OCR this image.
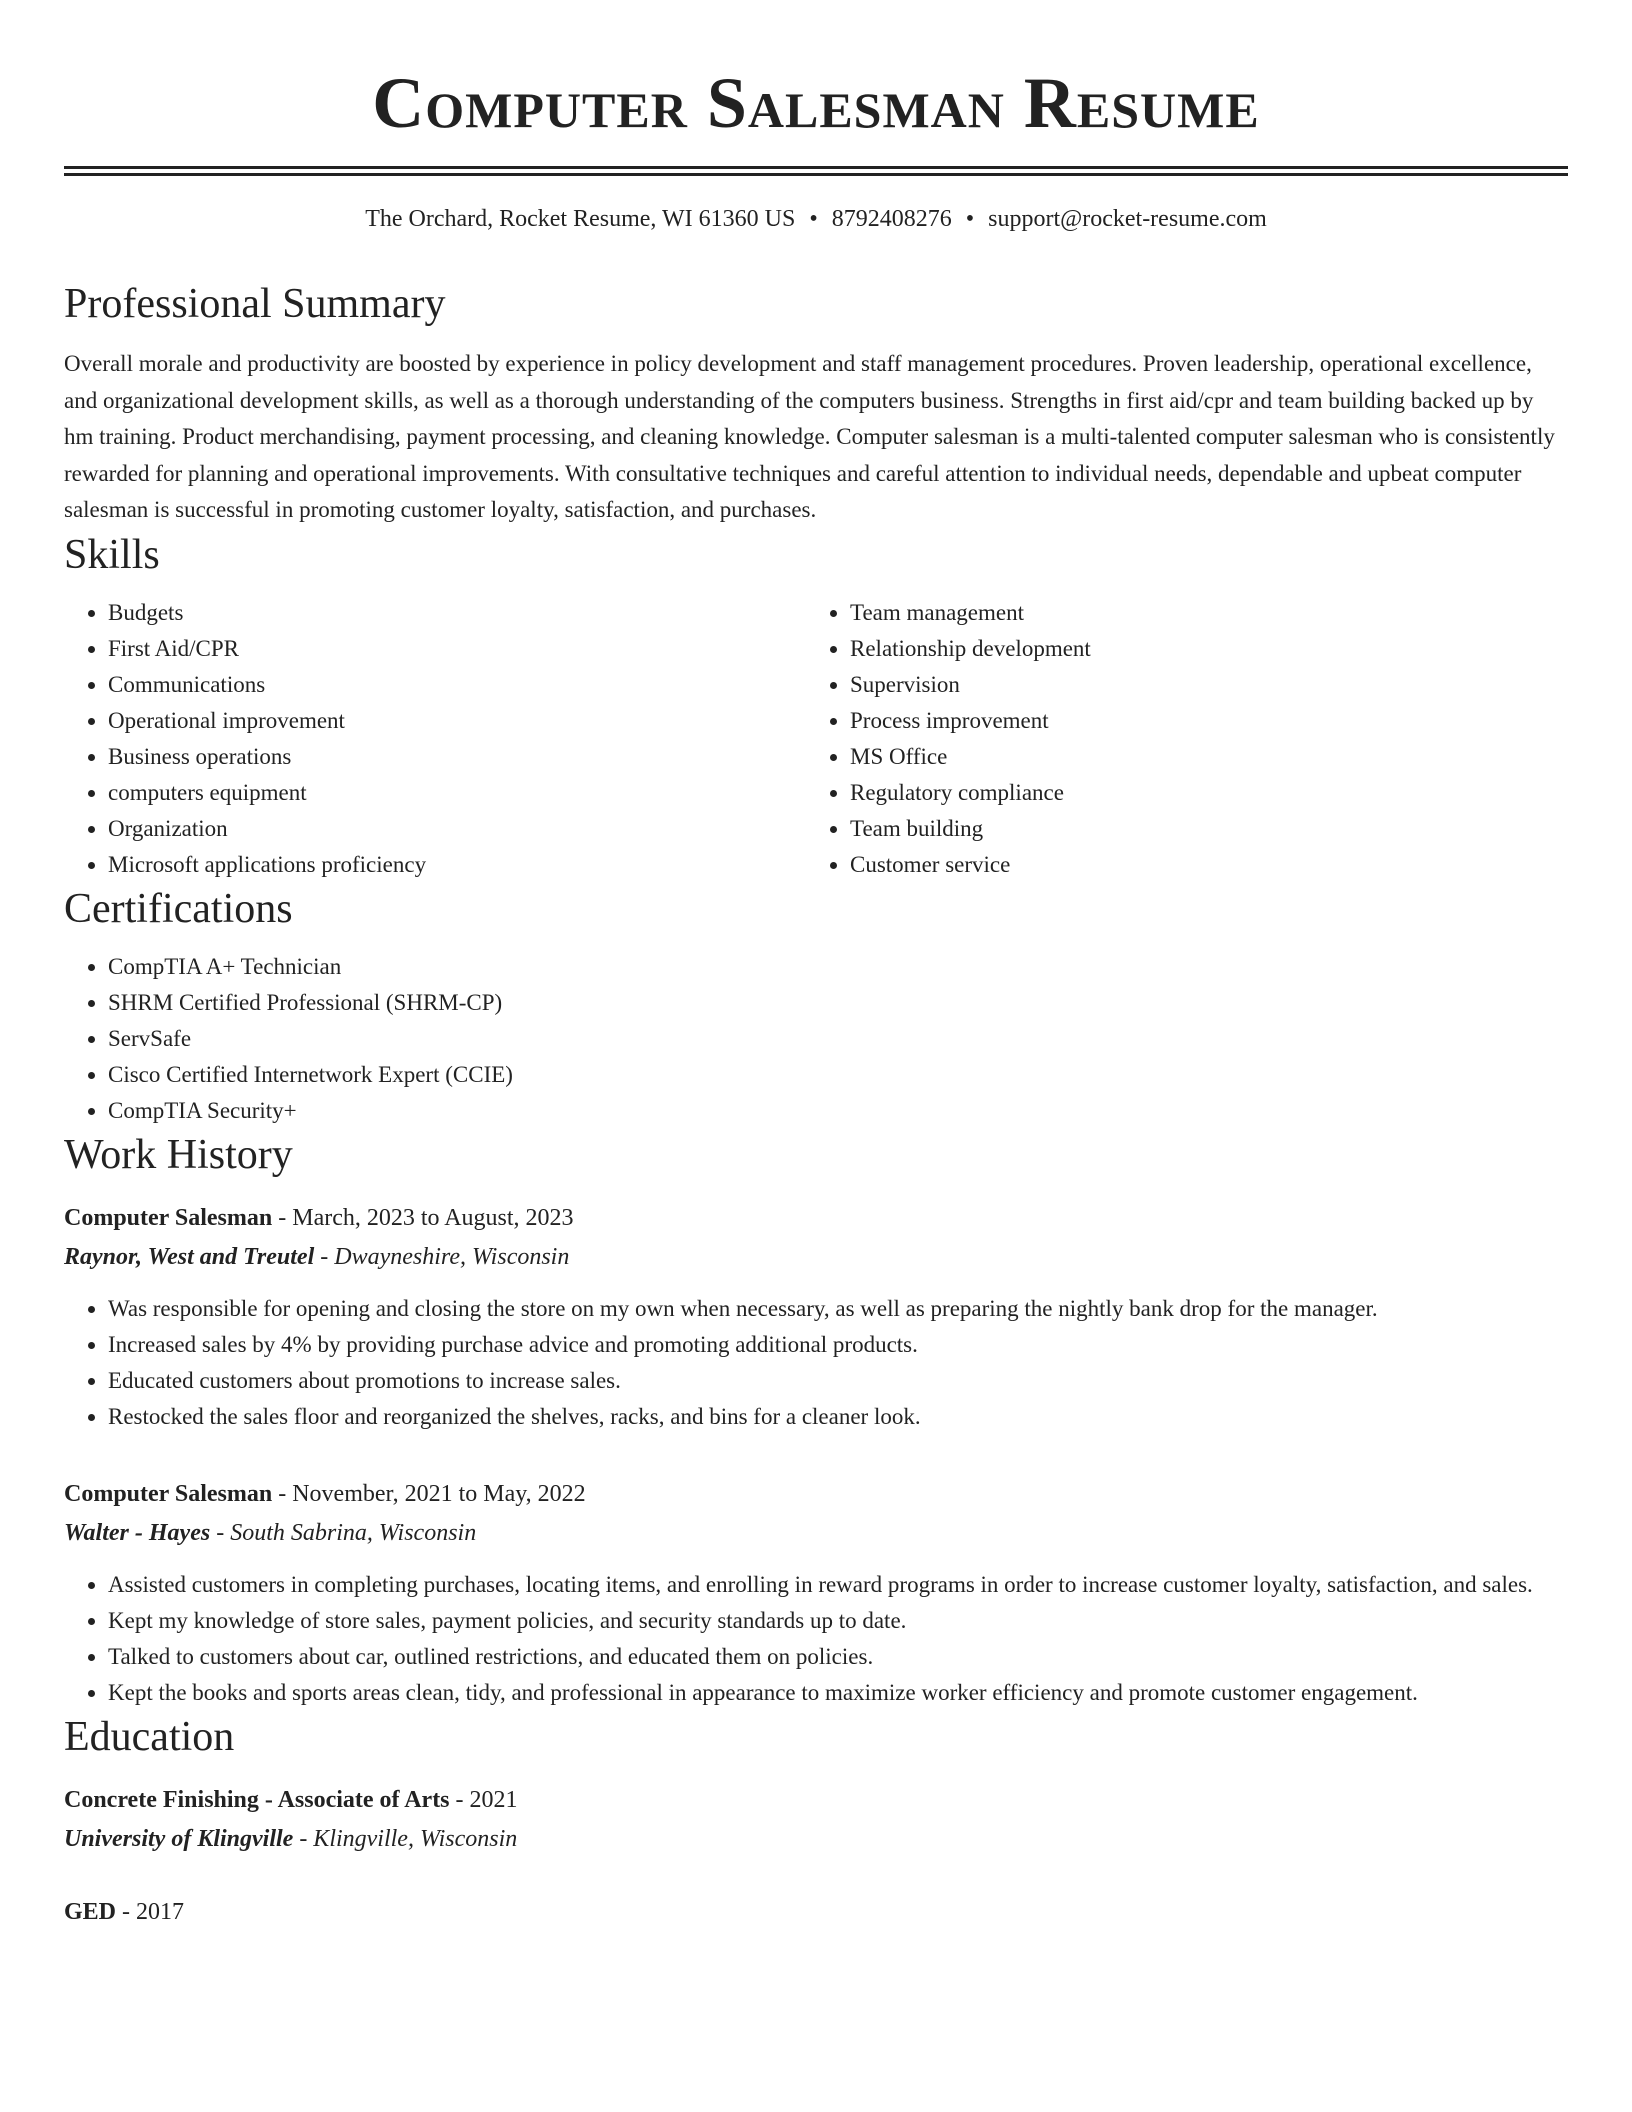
Computer Salesman Resume
The Orchard, Rocket Resume, WI 61360 US • 8792408276 • support@rocket-resume.com
Professional Summary

Overall morale and productivity are boosted by experience in policy development and staff management procedures. Proven leadership, operational excellence, and organizational development skills, as well as a thorough understanding of the computers business. Strengths in first aid/cpr and team building backed up by hm training. Product merchandising, payment processing, and cleaning knowledge. Computer salesman is a multi-talented computer salesman who is consistently rewarded for planning and operational improvements. With consultative techniques and careful attention to individual needs, dependable and upbeat computer salesman is successful in promoting customer loyalty, satisfaction, and purchases.

Skills
• Budgets
• First Aid/CPR
• Communications
• Operational improvement
• Business operations
• computers equipment
• Organization
• Microsoft applications proficiency
• Team management
• Relationship development
• Supervision
• Process improvement
• MS Office
• Regulatory compliance
• Team building
• Customer service
Certifications
• CompTIA A+ Technician
• SHRM Certified Professional (SHRM-CP)
• ServSafe
• Cisco Certified Internetwork Expert (CCIE)
• CompTIA Security+
Work History
Computer Salesman - March, 2023 to August, 2023
Raynor, West and Treutel - Dwayneshire, Wisconsin
• Was responsible for opening and closing the store on my own when necessary, as well as preparing the nightly bank drop for the manager.
• Increased sales by 4% by providing purchase advice and promoting additional products.
• Educated customers about promotions to increase sales.
• Restocked the sales floor and reorganized the shelves, racks, and bins for a cleaner look.
Computer Salesman - November, 2021 to May, 2022
Walter - Hayes - South Sabrina, Wisconsin
• Assisted customers in completing purchases, locating items, and enrolling in reward programs in order to increase customer loyalty, satisfaction, and sales.
• Kept my knowledge of store sales, payment policies, and security standards up to date.
• Talked to customers about car, outlined restrictions, and educated them on policies.
• Kept the books and sports areas clean, tidy, and professional in appearance to maximize worker efficiency and promote customer engagement.
Education
Concrete Finishing - Associate of Arts - 2021
University of Klingville - Klingville, Wisconsin
GED - 2017
